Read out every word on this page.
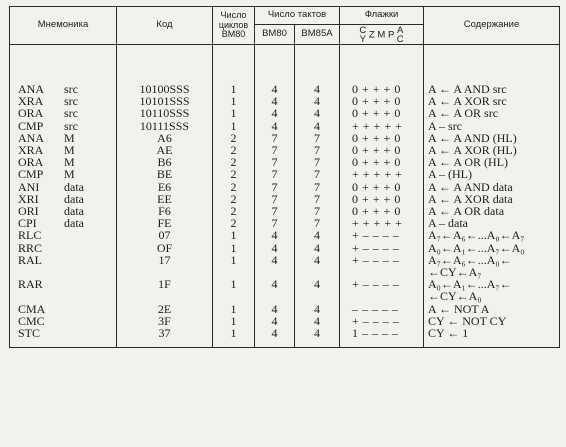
Мнемоника	Код	Число циклов ВМ80	Число тактов		Флажки	Содержание
			ВМ80	ВМ85А	C
Y Z M P A
C	
ANA src	10100SSS	1	4	4	0 + + + 0	A ← A AND src

XRA src	10101SSS	1	4	4	0 + + + 0	A ← A XOR src

ORA src	10110SSS	1	4	4	0 + + + 0	A ← A OR src

CMP src	10111SSS	1	4	4	+ + + + +	A – src

ANA M	A6	2	7	7	0 + + + 0	A ← A AND (HL)

XRA M	AE	2	7	7	0 + + + 0	A ← A XOR (HL)

ORA M	B6	2	7	7	0 + + + 0	A ← A OR (HL)

CMP M	BE	2	7	7	+ + + + +	A – (HL)

ANI data	E6	2	7	7	0 + + + 0	A ← A AND data

XRI data	EE	2	7	7	0 + + + 0	A ← A XOR data

ORI data	F6	2	7	7	0 + + + 0	A ← A OR data

CPI data	FE	2	7	7	+ + + + +	A – data

RLC	07	1	4	4	+ – – – –	A₇←A₆←...A₀←A₇

RRC	OF	1	4	4	+ – – – –	A₀←A₁←...A₇←A₀

RAL	17	1	4	4	+ – – – –	A₇←A₆←...A₀←
←CY←A₇

RAR	1F	1	4	4	+ – – – –	A₀←A₁←...A₇←
←CY←A₀

CMA	2E	1	4	4	– – – – –	A ← NOT A

CMC	3F	1	4	4	+ – – – –	CY ← NOT CY

STC	37	1	4	4	1 – – – –	CY ← 1
